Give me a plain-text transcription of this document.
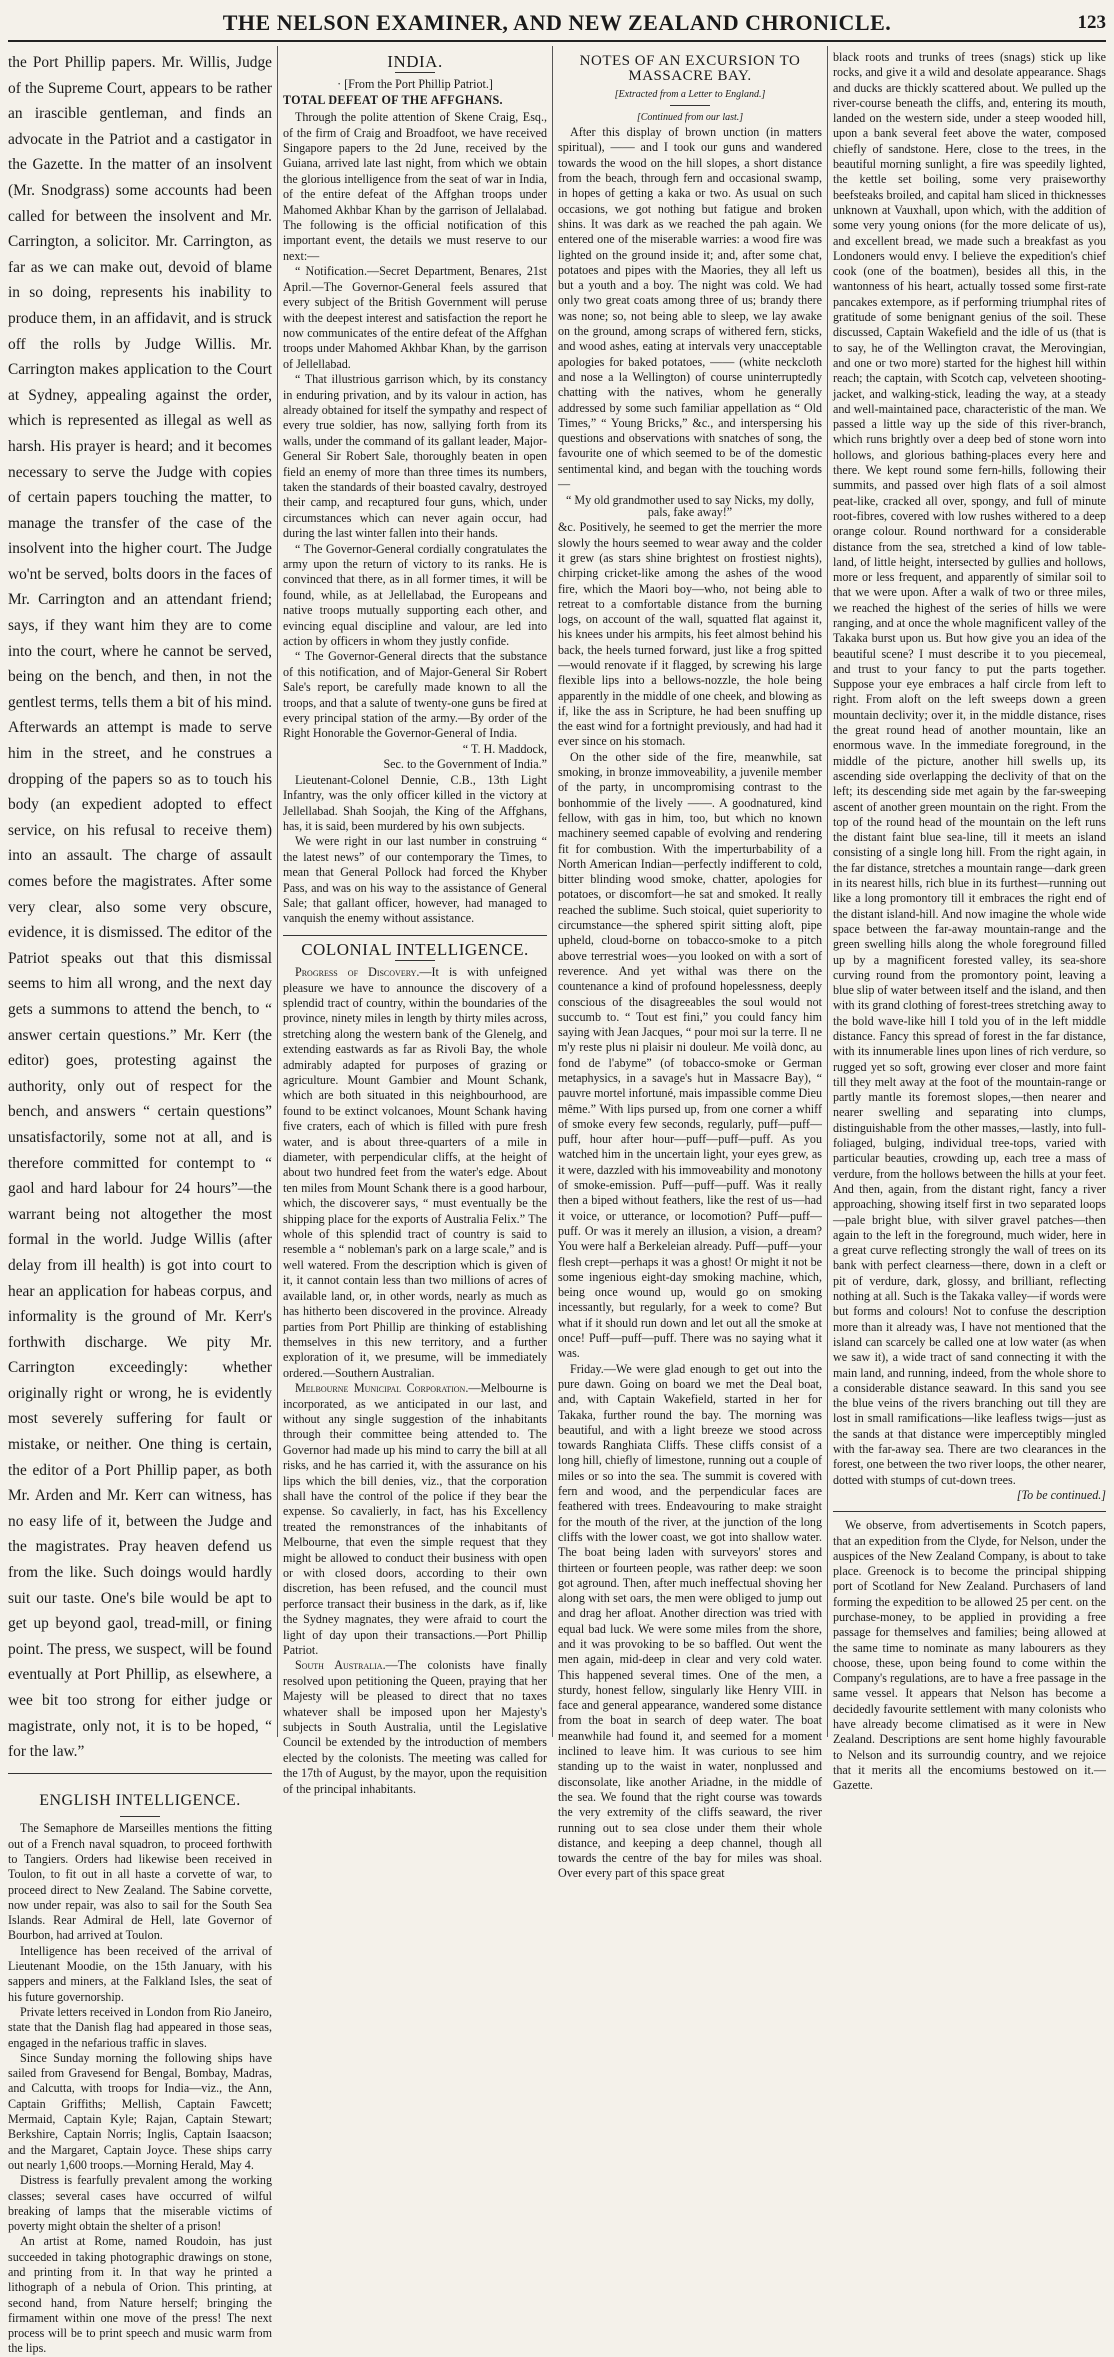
THE NELSON EXAMINER, AND NEW ZEALAND CHRONICLE.	123

the Port Phillip papers. Mr. Willis, Judge of the Supreme Court, appears to be rather an irascible gentleman, and finds an advocate in the Patriot and a castigator in the Gazette. In the matter of an insolvent (Mr. Snodgrass) some accounts had been called for between the insolvent and Mr. Carrington, a solicitor. Mr. Carrington, as far as we can make out, devoid of blame in so doing, represents his inability to produce them, in an affidavit, and is struck off the rolls by Judge Willis. Mr. Carrington makes application to the Court at Sydney, appealing against the order, which is represented as illegal as well as harsh. His prayer is heard; and it becomes necessary to serve the Judge with copies of certain papers touching the matter, to manage the transfer of the case of the insolvent into the higher court. The Judge wo'nt be served, bolts doors in the faces of Mr. Carrington and an attendant friend; says, if they want him they are to come into the court, where he cannot be served, being on the bench, and then, in not the gentlest terms, tells them a bit of his mind. Afterwards an attempt is made to serve him in the street, and he construes a dropping of the papers so as to touch his body (an expedient adopted to effect service, on his refusal to receive them) into an assault. The charge of assault comes before the magistrates. After some very clear, also some very obscure, evidence, it is dismissed. The editor of the Patriot speaks out that this dismissal seems to him all wrong, and the next day gets a summons to attend the bench, to “ answer certain questions.” Mr. Kerr (the editor) goes, protesting against the authority, only out of respect for the bench, and answers “ certain questions” unsatisfactorily, some not at all, and is therefore committed for contempt to “ gaol and hard labour for 24 hours”—the warrant being not altogether the most formal in the world. Judge Willis (after delay from ill health) is got into court to hear an application for habeas corpus, and informality is the ground of Mr. Kerr's forthwith discharge. We pity Mr. Carrington exceedingly: whether originally right or wrong, he is evidently most severely suffering for fault or mistake, or neither. One thing is certain, the editor of a Port Phillip paper, as both Mr. Arden and Mr. Kerr can witness, has no easy life of it, between the Judge and the magistrates. Pray heaven defend us from the like. Such doings would hardly suit our taste. One's bile would be apt to get up beyond gaol, tread-mill, or fining point. The press, we suspect, will be found eventually at Port Phillip, as elsewhere, a wee bit too strong for either judge or magistrate, only not, it is to be hoped, “ for the law.”

ENGLISH INTELLIGENCE.

The Semaphore de Marseilles mentions the fitting out of a French naval squadron, to proceed forthwith to Tangiers. Orders had likewise been received in Toulon, to fit out in all haste a corvette of war, to proceed direct to New Zealand. The Sabine corvette, now under repair, was also to sail for the South Sea Islands. Rear Admiral de Hell, late Governor of Bourbon, had arrived at Toulon.

Intelligence has been received of the arrival of Lieutenant Moodie, on the 15th January, with his sappers and miners, at the Falkland Isles, the seat of his future governorship.

Private letters received in London from Rio Janeiro, state that the Danish flag had appeared in those seas, engaged in the nefarious traffic in slaves.

Since Sunday morning the following ships have sailed from Gravesend for Bengal, Bombay, Madras, and Calcutta, with troops for India—viz., the Ann, Captain Griffiths; Mellish, Captain Fawcett; Mermaid, Captain Kyle; Rajan, Captain Stewart; Berkshire, Captain Norris; Inglis, Captain Isaacson; and the Margaret, Captain Joyce. These ships carry out nearly 1,600 troops.—Morning Herald, May 4.

Distress is fearfully prevalent among the working classes; several cases have occurred of wilful breaking of lamps that the miserable victims of poverty might obtain the shelter of a prison!

An artist at Rome, named Roudoin, has just succeeded in taking photographic drawings on stone, and printing from it. In that way he printed a lithograph of a nebula of Orion. This printing, at second hand, from Nature herself; bringing the firmament within one move of the press! The next process will be to print speech and music warm from the lips.

INDIA.

· [From the Port Phillip Patriot.]

TOTAL DEFEAT OF THE AFFGHANS.

Through the polite attention of Skene Craig, Esq., of the firm of Craig and Broadfoot, we have received Singapore papers to the 2d June, received by the Guiana, arrived late last night, from which we obtain the glorious intelligence from the seat of war in India, of the entire defeat of the Affghan troops under Mahomed Akhbar Khan by the garrison of Jellalabad. The following is the official notification of this important event, the details we must reserve to our next:—

“ Notification.—Secret Department, Benares, 21st April.—The Governor-General feels assured that every subject of the British Government will peruse with the deepest interest and satisfaction the report he now communicates of the entire defeat of the Affghan troops under Mahomed Akhbar Khan, by the garrison of Jellellabad.

“ That illustrious garrison which, by its constancy in enduring privation, and by its valour in action, has already obtained for itself the sympathy and respect of every true soldier, has now, sallying forth from its walls, under the command of its gallant leader, Major-General Sir Robert Sale, thoroughly beaten in open field an enemy of more than three times its numbers, taken the standards of their boasted cavalry, destroyed their camp, and recaptured four guns, which, under circumstances which can never again occur, had during the last winter fallen into their hands.

“ The Governor-General cordially congratulates the army upon the return of victory to its ranks. He is convinced that there, as in all former times, it will be found, while, as at Jellellabad, the Europeans and native troops mutually supporting each other, and evincing equal discipline and valour, are led into action by officers in whom they justly confide.

“ The Governor-General directs that the substance of this notification, and of Major-General Sir Robert Sale's report, be carefully made known to all the troops, and that a salute of twenty-one guns be fired at every principal station of the army.—By order of the Right Honorable the Governor-General of India.

“ T. H. Maddock,

Sec. to the Government of India.”

Lieutenant-Colonel Dennie, C.B., 13th Light Infantry, was the only officer killed in the victory at Jellellabad. Shah Soojah, the King of the Affghans, has, it is said, been murdered by his own subjects.

We were right in our last number in construing “ the latest news” of our contemporary the Times, to mean that General Pollock had forced the Khyber Pass, and was on his way to the assistance of General Sale; that gallant officer, however, had managed to vanquish the enemy without assistance.

COLONIAL INTELLIGENCE.

Progress of Discovery.—It is with unfeigned pleasure we have to announce the discovery of a splendid tract of country, within the boundaries of the province, ninety miles in length by thirty miles across, stretching along the western bank of the Glenelg, and extending eastwards as far as Rivoli Bay, the whole admirably adapted for purposes of grazing or agriculture. Mount Gambier and Mount Schank, which are both situated in this neighbourhood, are found to be extinct volcanoes, Mount Schank having five craters, each of which is filled with pure fresh water, and is about three-quarters of a mile in diameter, with perpendicular cliffs, at the height of about two hundred feet from the water's edge. About ten miles from Mount Schank there is a good harbour, which, the discoverer says, “ must eventually be the shipping place for the exports of Australia Felix.” The whole of this splendid tract of country is said to resemble a “ nobleman's park on a large scale,” and is well watered. From the description which is given of it, it cannot contain less than two millions of acres of available land, or, in other words, nearly as much as has hitherto been discovered in the province. Already parties from Port Phillip are thinking of establishing themselves in this new territory, and a further exploration of it, we presume, will be immediately ordered.—Southern Australian.

Melbourne Municipal Corporation.—Melbourne is incorporated, as we anticipated in our last, and without any single suggestion of the inhabitants through their committee being attended to. The Governor had made up his mind to carry the bill at all risks, and he has carried it, with the assurance on his lips which the bill denies, viz., that the corporation shall have the control of the police if they bear the expense. So cavalierly, in fact, has his Excellency treated the remonstrances of the inhabitants of Melbourne, that even the simple request that they might be allowed to conduct their business with open or with closed doors, according to their own discretion, has been refused, and the council must perforce transact their business in the dark, as if, like the Sydney magnates, they were afraid to court the light of day upon their transactions.—Port Phillip Patriot.

South Australia.—The colonists have finally resolved upon petitioning the Queen, praying that her Majesty will be pleased to direct that no taxes whatever shall be imposed upon her Majesty's subjects in South Australia, until the Legislative Council be extended by the introduction of members elected by the colonists. The meeting was called for the 17th of August, by the mayor, upon the requisition of the principal inhabitants.

NOTES OF AN EXCURSION TO MASSACRE BAY.

[Extracted from a Letter to England.]

[Continued from our last.]

After this display of brown unction (in matters spiritual), —— and I took our guns and wandered towards the wood on the hill slopes, a short distance from the beach, through fern and occasional swamp, in hopes of getting a kaka or two. As usual on such occasions, we got nothing but fatigue and broken shins. It was dark as we reached the pah again. We entered one of the miserable warries: a wood fire was lighted on the ground inside it; and, after some chat, potatoes and pipes with the Maories, they all left us but a youth and a boy. The night was cold. We had only two great coats among three of us; brandy there was none; so, not being able to sleep, we lay awake on the ground, among scraps of withered fern, sticks, and wood ashes, eating at intervals very unacceptable apologies for baked potatoes, —— (white neckcloth and nose a la Wellington) of course uninterruptedly chatting with the natives, whom he generally addressed by some such familiar appellation as “ Old Times,” “ Young Bricks,” &c., and interspersing his questions and observations with snatches of song, the favourite one of which seemed to be of the domestic sentimental kind, and began with the touching words—

“ My old grandmother used to say Nicks, my dolly, pals, fake away!”

&c. Positively, he seemed to get the merrier the more slowly the hours seemed to wear away and the colder it grew (as stars shine brightest on frostiest nights), chirping cricket-like among the ashes of the wood fire, which the Maori boy—who, not being able to retreat to a comfortable distance from the burning logs, on account of the wall, squatted flat against it, his knees under his armpits, his feet almost behind his back, the heels turned forward, just like a frog spitted—would renovate if it flagged, by screwing his large flexible lips into a bellows-nozzle, the hole being apparently in the middle of one cheek, and blowing as if, like the ass in Scripture, he had been snuffing up the east wind for a fortnight previously, and had had it ever since on his stomach.

On the other side of the fire, meanwhile, sat smoking, in bronze immoveability, a juvenile member of the party, in uncompromising contrast to the bonhommie of the lively ——. A goodnatured, kind fellow, with gas in him, too, but which no known machinery seemed capable of evolving and rendering fit for combustion. With the imperturbability of a North American Indian—perfectly indifferent to cold, bitter blinding wood smoke, chatter, apologies for potatoes, or discomfort—he sat and smoked. It really reached the sublime. Such stoical, quiet superiority to circumstance—the sphered spirit sitting aloft, pipe upheld, cloud-borne on tobacco-smoke to a pitch above terrestrial woes—you looked on with a sort of reverence. And yet withal was there on the countenance a kind of profound hopelessness, deeply conscious of the disagreeables the soul would not succumb to. “ Tout est fini,” you could fancy him saying with Jean Jacques, “ pour moi sur la terre. Il ne m'y reste plus ni plaisir ni douleur. Me voilà donc, au fond de l'abyme” (of tobacco-smoke or German metaphysics, in a savage's hut in Massacre Bay), “ pauvre mortel infortuné, mais impassible comme Dieu même.” With lips pursed up, from one corner a whiff of smoke every few seconds, regularly, puff—puff—puff, hour after hour—puff—puff—puff. As you watched him in the uncertain light, your eyes grew, as it were, dazzled with his immoveability and monotony of smoke-emission. Puff—puff—puff. Was it really then a biped without feathers, like the rest of us—had it voice, or utterance, or locomotion? Puff—puff—puff. Or was it merely an illusion, a vision, a dream? You were half a Berkeleian already. Puff—puff—your flesh crept—perhaps it was a ghost! Or might it not be some ingenious eight-day smoking machine, which, being once wound up, would go on smoking incessantly, but regularly, for a week to come? But what if it should run down and let out all the smoke at once! Puff—puff—puff. There was no saying what it was.

Friday.—We were glad enough to get out into the pure dawn. Going on board we met the Deal boat, and, with Captain Wakefield, started in her for Takaka, further round the bay. The morning was beautiful, and with a light breeze we stood across towards Ranghiata Cliffs. These cliffs consist of a long hill, chiefly of limestone, running out a couple of miles or so into the sea. The summit is covered with fern and wood, and the perpendicular faces are feathered with trees. Endeavouring to make straight for the mouth of the river, at the junction of the long cliffs with the lower coast, we got into shallow water. The boat being laden with surveyors' stores and thirteen or fourteen people, was rather deep: we soon got aground. Then, after much ineffectual shoving her along with set oars, the men were obliged to jump out and drag her afloat. Another direction was tried with equal bad luck. We were some miles from the shore, and it was provoking to be so baffled. Out went the men again, mid-deep in clear and very cold water. This happened several times. One of the men, a sturdy, honest fellow, singularly like Henry VIII. in face and general appearance, wandered some distance from the boat in search of deep water. The boat meanwhile had found it, and seemed for a moment inclined to leave him. It was curious to see him standing up to the waist in water, nonplussed and disconsolate, like another Ariadne, in the middle of the sea. We found that the right course was towards the very extremity of the cliffs seaward, the river running out to sea close under them their whole distance, and keeping a deep channel, though all towards the centre of the bay for miles was shoal. Over every part of this space great

black roots and trunks of trees (snags) stick up like rocks, and give it a wild and desolate appearance. Shags and ducks are thickly scattered about. We pulled up the river-course beneath the cliffs, and, entering its mouth, landed on the western side, under a steep wooded hill, upon a bank several feet above the water, composed chiefly of sandstone. Here, close to the trees, in the beautiful morning sunlight, a fire was speedily lighted, the kettle set boiling, some very praiseworthy beefsteaks broiled, and capital ham sliced in thicknesses unknown at Vauxhall, upon which, with the addition of some very young onions (for the more delicate of us), and excellent bread, we made such a breakfast as you Londoners would envy. I believe the expedition's chief cook (one of the boatmen), besides all this, in the wantonness of his heart, actually tossed some first-rate pancakes extempore, as if performing triumphal rites of gratitude of some benignant genius of the soil. These discussed, Captain Wakefield and the idle of us (that is to say, he of the Wellington cravat, the Merovingian, and one or two more) started for the highest hill within reach; the captain, with Scotch cap, velveteen shooting-jacket, and walking-stick, leading the way, at a steady and well-maintained pace, characteristic of the man. We passed a little way up the side of this river-branch, which runs brightly over a deep bed of stone worn into hollows, and glorious bathing-places every here and there. We kept round some fern-hills, following their summits, and passed over high flats of a soil almost peat-like, cracked all over, spongy, and full of minute root-fibres, covered with low rushes withered to a deep orange colour. Round northward for a considerable distance from the sea, stretched a kind of low table-land, of little height, intersected by gullies and hollows, more or less frequent, and apparently of similar soil to that we were upon. After a walk of two or three miles, we reached the highest of the series of hills we were ranging, and at once the whole magnificent valley of the Takaka burst upon us. But how give you an idea of the beautiful scene? I must describe it to you piecemeal, and trust to your fancy to put the parts together. Suppose your eye embraces a half circle from left to right. From aloft on the left sweeps down a green mountain declivity; over it, in the middle distance, rises the great round head of another mountain, like an enormous wave. In the immediate foreground, in the middle of the picture, another hill swells up, its ascending side overlapping the declivity of that on the left; its descending side met again by the far-sweeping ascent of another green mountain on the right. From the top of the round head of the mountain on the left runs the distant faint blue sea-line, till it meets an island consisting of a single long hill. From the right again, in the far distance, stretches a mountain range—dark green in its nearest hills, rich blue in its furthest—running out like a long promontory till it embraces the right end of the distant island-hill. And now imagine the whole wide space between the far-away mountain-range and the green swelling hills along the whole foreground filled up by a magnificent forested valley, its sea-shore curving round from the promontory point, leaving a blue slip of water between itself and the island, and then with its grand clothing of forest-trees stretching away to the bold wave-like hill I told you of in the left middle distance. Fancy this spread of forest in the far distance, with its innumerable lines upon lines of rich verdure, so rugged yet so soft, growing ever closer and more faint till they melt away at the foot of the mountain-range or partly mantle its foremost slopes,—then nearer and nearer swelling and separating into clumps, distinguishable from the other masses,—lastly, into full-foliaged, bulging, individual tree-tops, varied with particular beauties, crowding up, each tree a mass of verdure, from the hollows between the hills at your feet. And then, again, from the distant right, fancy a river approaching, showing itself first in two separated loops—pale bright blue, with silver gravel patches—then again to the left in the foreground, much wider, here in a great curve reflecting strongly the wall of trees on its bank with perfect clearness—there, down in a cleft or pit of verdure, dark, glossy, and brilliant, reflecting nothing at all. Such is the Takaka valley—if words were but forms and colours! Not to confuse the description more than it already was, I have not mentioned that the island can scarcely be called one at low water (as when we saw it), a wide tract of sand connecting it with the main land, and running, indeed, from the whole shore to a considerable distance seaward. In this sand you see the blue veins of the rivers branching out till they are lost in small ramifications—like leafless twigs—just as the sands at that distance were imperceptibly mingled with the far-away sea. There are two clearances in the forest, one between the two river loops, the other nearer, dotted with stumps of cut-down trees.

[To be continued.]

We observe, from advertisements in Scotch papers, that an expedition from the Clyde, for Nelson, under the auspices of the New Zealand Company, is about to take place. Greenock is to become the principal shipping port of Scotland for New Zealand. Purchasers of land forming the expedition to be allowed 25 per cent. on the purchase-money, to be applied in providing a free passage for themselves and families; being allowed at the same time to nominate as many labourers as they choose, these, upon being found to come within the Company's regulations, are to have a free passage in the same vessel. It appears that Nelson has become a decidedly favourite settlement with many colonists who have already become climatised as it were in New Zealand. Descriptions are sent home highly favourable to Nelson and its surroundig country, and we rejoice that it merits all the encomiums bestowed on it.—Gazette.
